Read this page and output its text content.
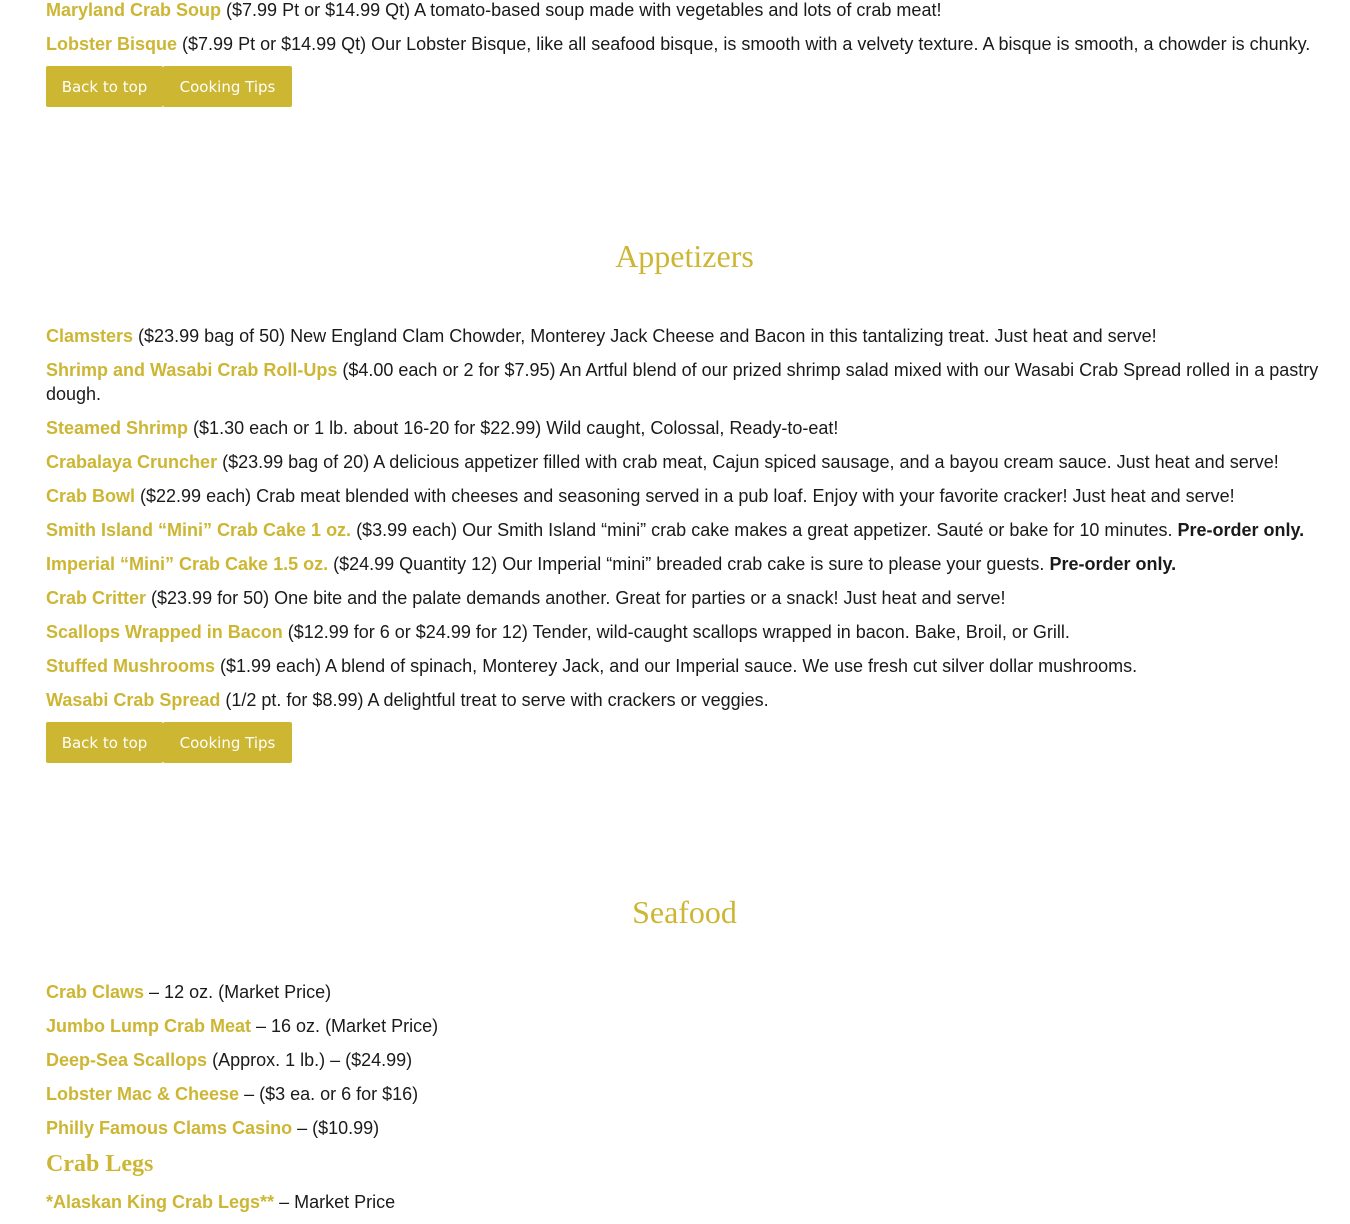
Maryland Crab Soup ($7.99 Pt or $14.99 Qt) A tomato-based soup made with vegetables and lots of crab meat!

Lobster Bisque ($7.99 Pt or $14.99 Qt) Our Lobster Bisque, like all seafood bisque, is smooth with a velvety texture. A bisque is smooth, a chowder is chunky.

Back to top	Cooking Tips
Appetizers

Clamsters ($23.99 bag of 50) New England Clam Chowder, Monterey Jack Cheese and Bacon in this tantalizing treat. Just heat and serve!

Shrimp and Wasabi Crab Roll-Ups ($4.00 each or 2 for $7.95) An Artful blend of our prized shrimp salad mixed with our Wasabi Crab Spread rolled in a pastry dough.

Steamed Shrimp ($1.30 each or 1 lb. about 16-20 for $22.99) Wild caught, Colossal, Ready-to-eat!

Crabalaya Cruncher ($23.99 bag of 20) A delicious appetizer filled with crab meat, Cajun spiced sausage, and a bayou cream sauce. Just heat and serve!

Crab Bowl ($22.99 each) Crab meat blended with cheeses and seasoning served in a pub loaf. Enjoy with your favorite cracker! Just heat and serve!

Smith Island “Mini” Crab Cake 1 oz. ($3.99 each) Our Smith Island “mini” crab cake makes a great appetizer. Sauté or bake for 10 minutes. Pre-order only.

Imperial “Mini” Crab Cake 1.5 oz. ($24.99 Quantity 12) Our Imperial “mini” breaded crab cake is sure to please your guests. Pre-order only.

Crab Critter ($23.99 for 50) One bite and the palate demands another. Great for parties or a snack! Just heat and serve!

Scallops Wrapped in Bacon ($12.99 for 6 or $24.99 for 12) Tender, wild-caught scallops wrapped in bacon. Bake, Broil, or Grill.

Stuffed Mushrooms ($1.99 each) A blend of spinach, Monterey Jack, and our Imperial sauce. We use fresh cut silver dollar mushrooms.

Wasabi Crab Spread (1/2 pt. for $8.99) A delightful treat to serve with crackers or veggies.

Back to top	Cooking Tips
Seafood

Crab Claws – 12 oz. (Market Price)

Jumbo Lump Crab Meat – 16 oz. (Market Price)

Deep-Sea Scallops (Approx. 1 lb.) – ($24.99)

Lobster Mac & Cheese – ($3 ea. or 6 for $16)

Philly Famous Clams Casino – ($10.99)

Crab Legs

*Alaskan King Crab Legs** – Market Price
